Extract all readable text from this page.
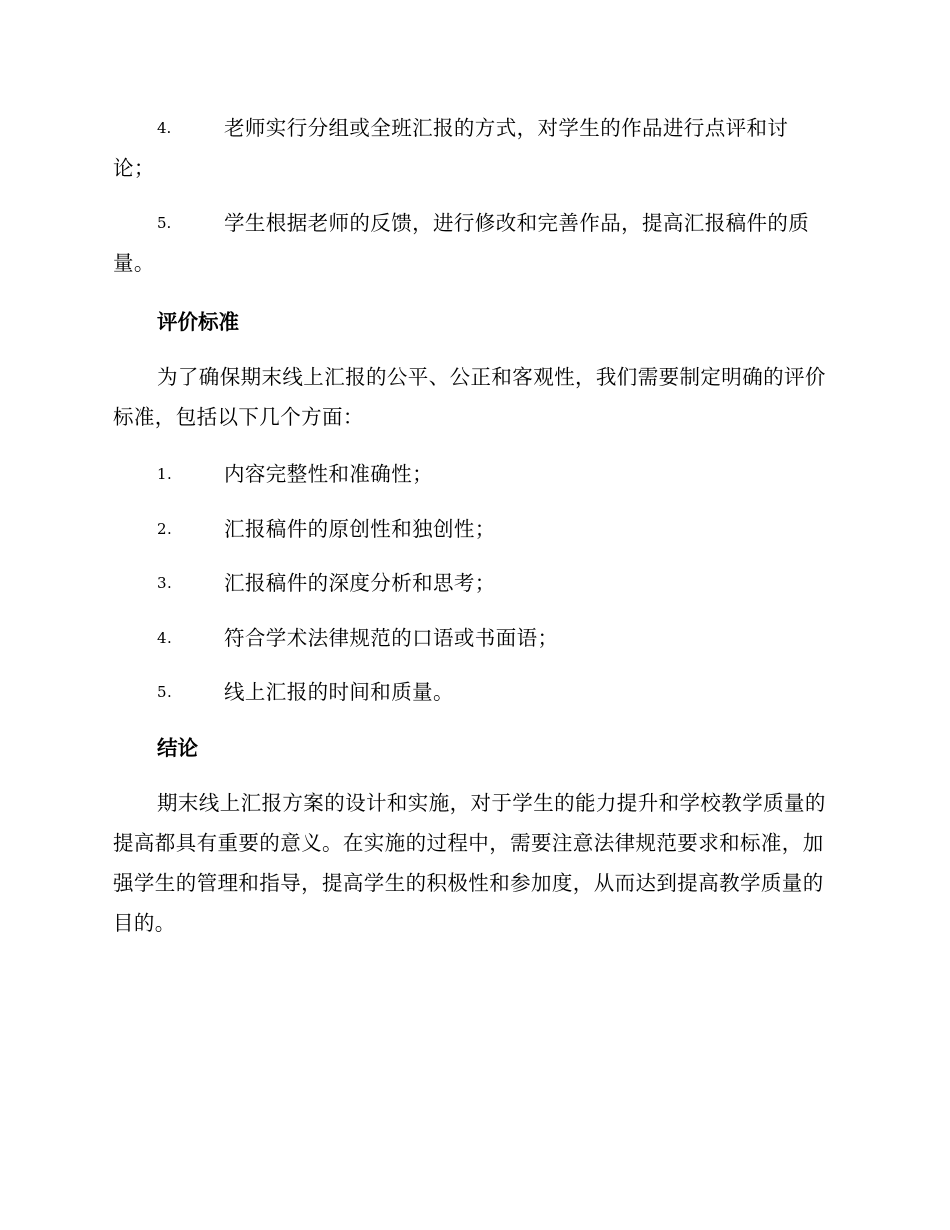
4.	老师实行分组或全班汇报的方式，对学生的作品进行点评和讨
论；
5.	学生根据老师的反馈，进行修改和完善作品，提高汇报稿件的质
量。
评价标准
为了确保期末线上汇报的公平、公正和客观性，我们需要制定明确的评价标准，包括以下几个方面：
1.	内容完整性和准确性；
2.	汇报稿件的原创性和独创性；
3.	汇报稿件的深度分析和思考；
4.	符合学术法律规范的口语或书面语；
5.	线上汇报的时间和质量。
结论
期末线上汇报方案的设计和实施，对于学生的能力提升和学校教学质量的提高都具有重要的意义。在实施的过程中，需要注意法律规范要求和标准，加强学生的管理和指导，提高学生的积极性和参加度，从而达到提高教学质量的目的。
